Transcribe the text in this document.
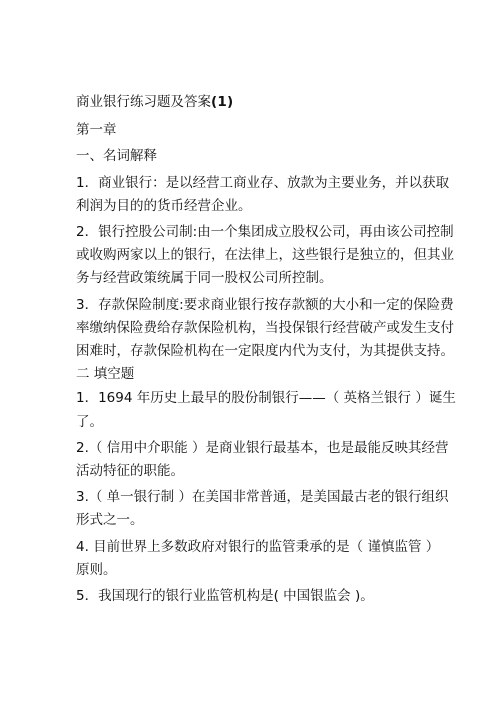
商业银行练习题及答案(1)
第一章
一、名词解释
1．商业银行：是以经营工商业存、放款为主要业务，并以获取
利润为目的的货币经营企业。
2．银行控股公司制:由一个集团成立股权公司，再由该公司控制
或收购两家以上的银行，在法律上，这些银行是独立的，但其业
务与经营政策统属于同一股权公司所控制。
3．存款保险制度:要求商业银行按存款额的大小和一定的保险费
率缴纳保险费给存款保险机构，当投保银行经营破产或发生支付
困难时，存款保险机构在一定限度内代为支付，为其提供支持。
二 填空题
1．1694 年历史上最早的股份制银行——（ 英格兰银行 ）诞生
了。
2.（ 信用中介职能 ）是商业银行最基本，也是最能反映其经营
活动特征的职能。
3.（ 单一银行制 ）在美国非常普通，是美国最古老的银行组织
形式之一。
4. 目前世界上多数政府对银行的监管秉承的是（ 谨慎监管 ）
原则。
5．我国现行的银行业监管机构是( 中国银监会 )。
